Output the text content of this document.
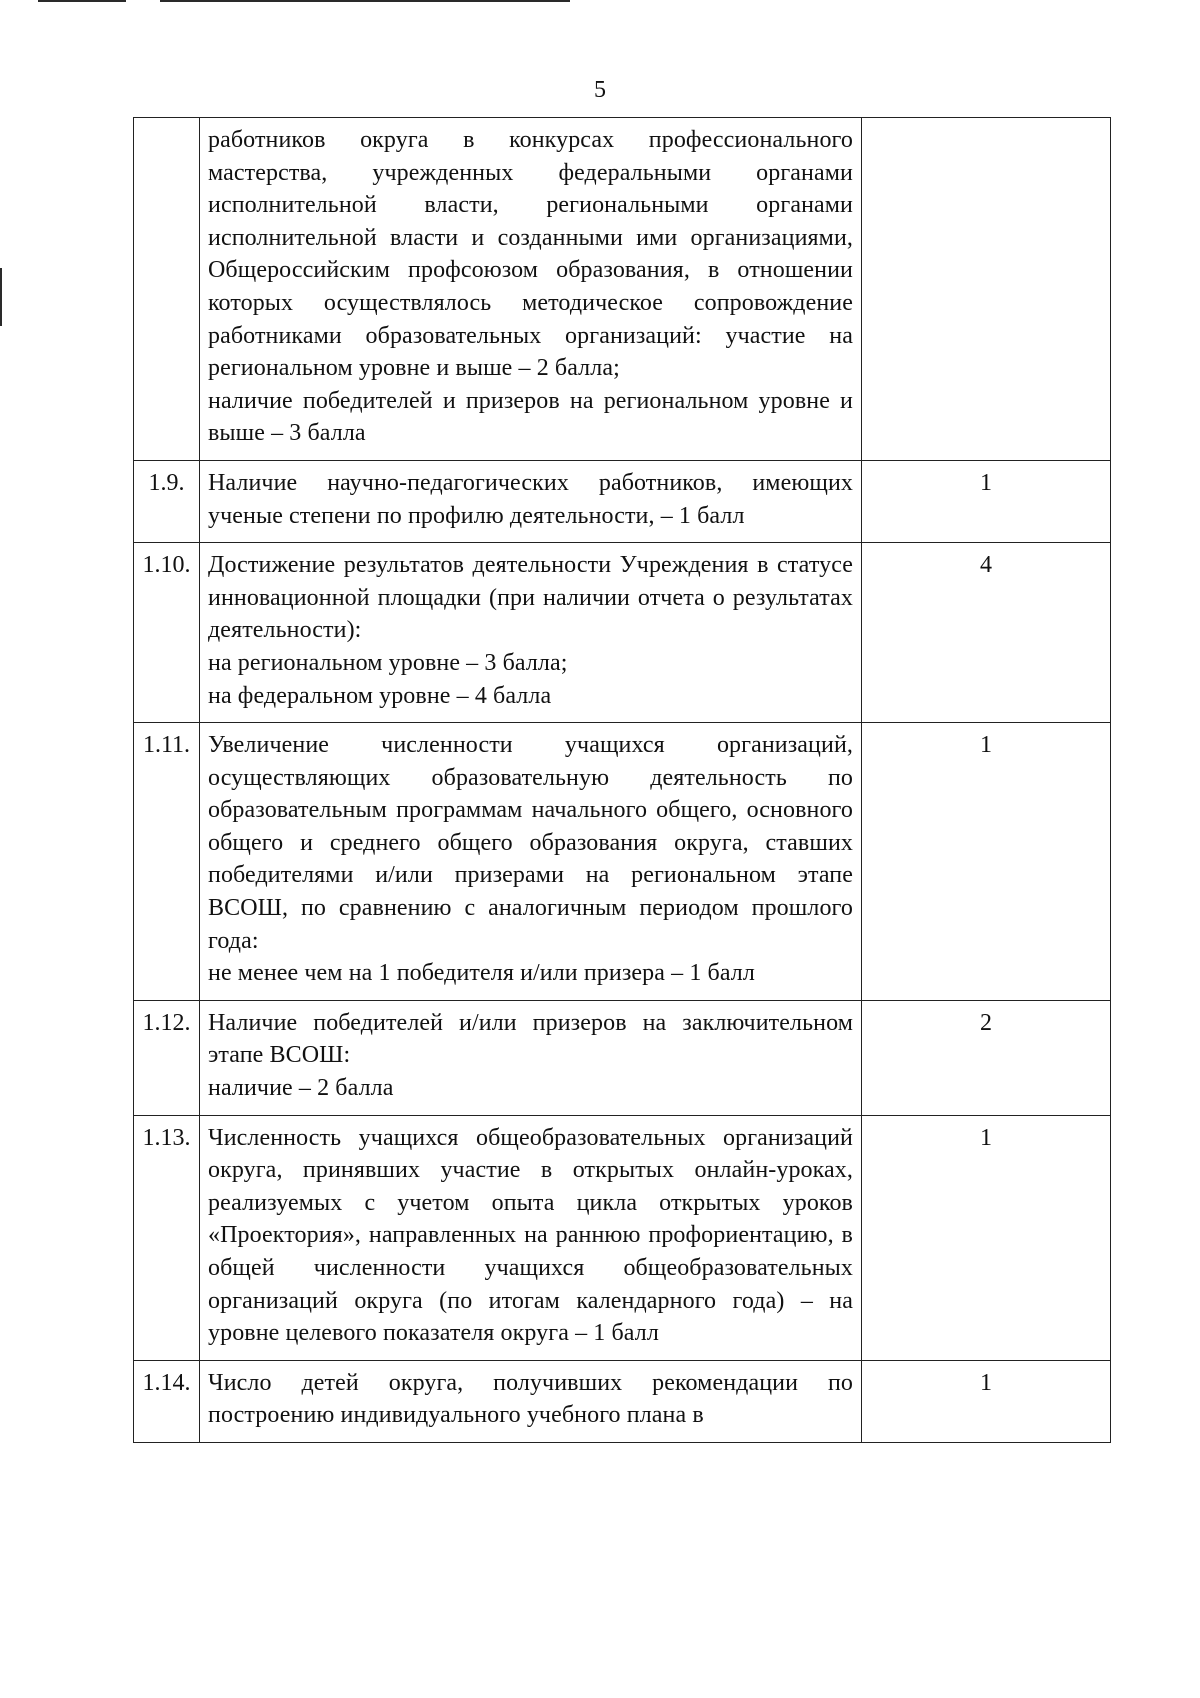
5

	работников округа в конкурсах профессионального мастерства, учрежденных федеральными органами исполнительной власти, региональными органами исполнительной власти и созданными ими организациями, Общероссийским профсоюзом образования, в отношении которых осуществлялось методическое сопровождение работниками образовательных организаций: участие на региональном уровне и выше – 2 балла;

наличие победителей и призеров на региональном уровне и выше – 3 балла	

1.9.	Наличие научно-педагогических работников, имеющих ученые степени по профилю деятельности, – 1 балл	1
1.10.	Достижение результатов деятельности Учреждения в статусе инновационной площадки (при наличии отчета о результатах деятельности):

на региональном уровне – 3 балла;

на федеральном уровне – 4 балла	4
1.11.	Увеличение численности учащихся организаций, осуществляющих образовательную деятельность по образовательным программам начального общего, основного общего и среднего общего образования округа, ставших победителями и/или призерами на региональном этапе ВСОШ, по сравнению с аналогичным периодом прошлого года:

не менее чем на 1 победителя и/или призера – 1 балл	1
1.12.	Наличие победителей и/или призеров на заключительном этапе ВСОШ:

наличие – 2 балла	2
1.13.	Численность учащихся общеобразовательных организаций округа, принявших участие в открытых онлайн-уроках, реализуемых с учетом опыта цикла открытых уроков «Проектория», направленных на раннюю профориентацию, в общей численности учащихся общеобразовательных организаций округа (по итогам календарного года) – на уровне целевого показателя округа – 1 балл	1
1.14.	Число детей округа, получивших рекомендации по построению индивидуального учебного плана в	1
